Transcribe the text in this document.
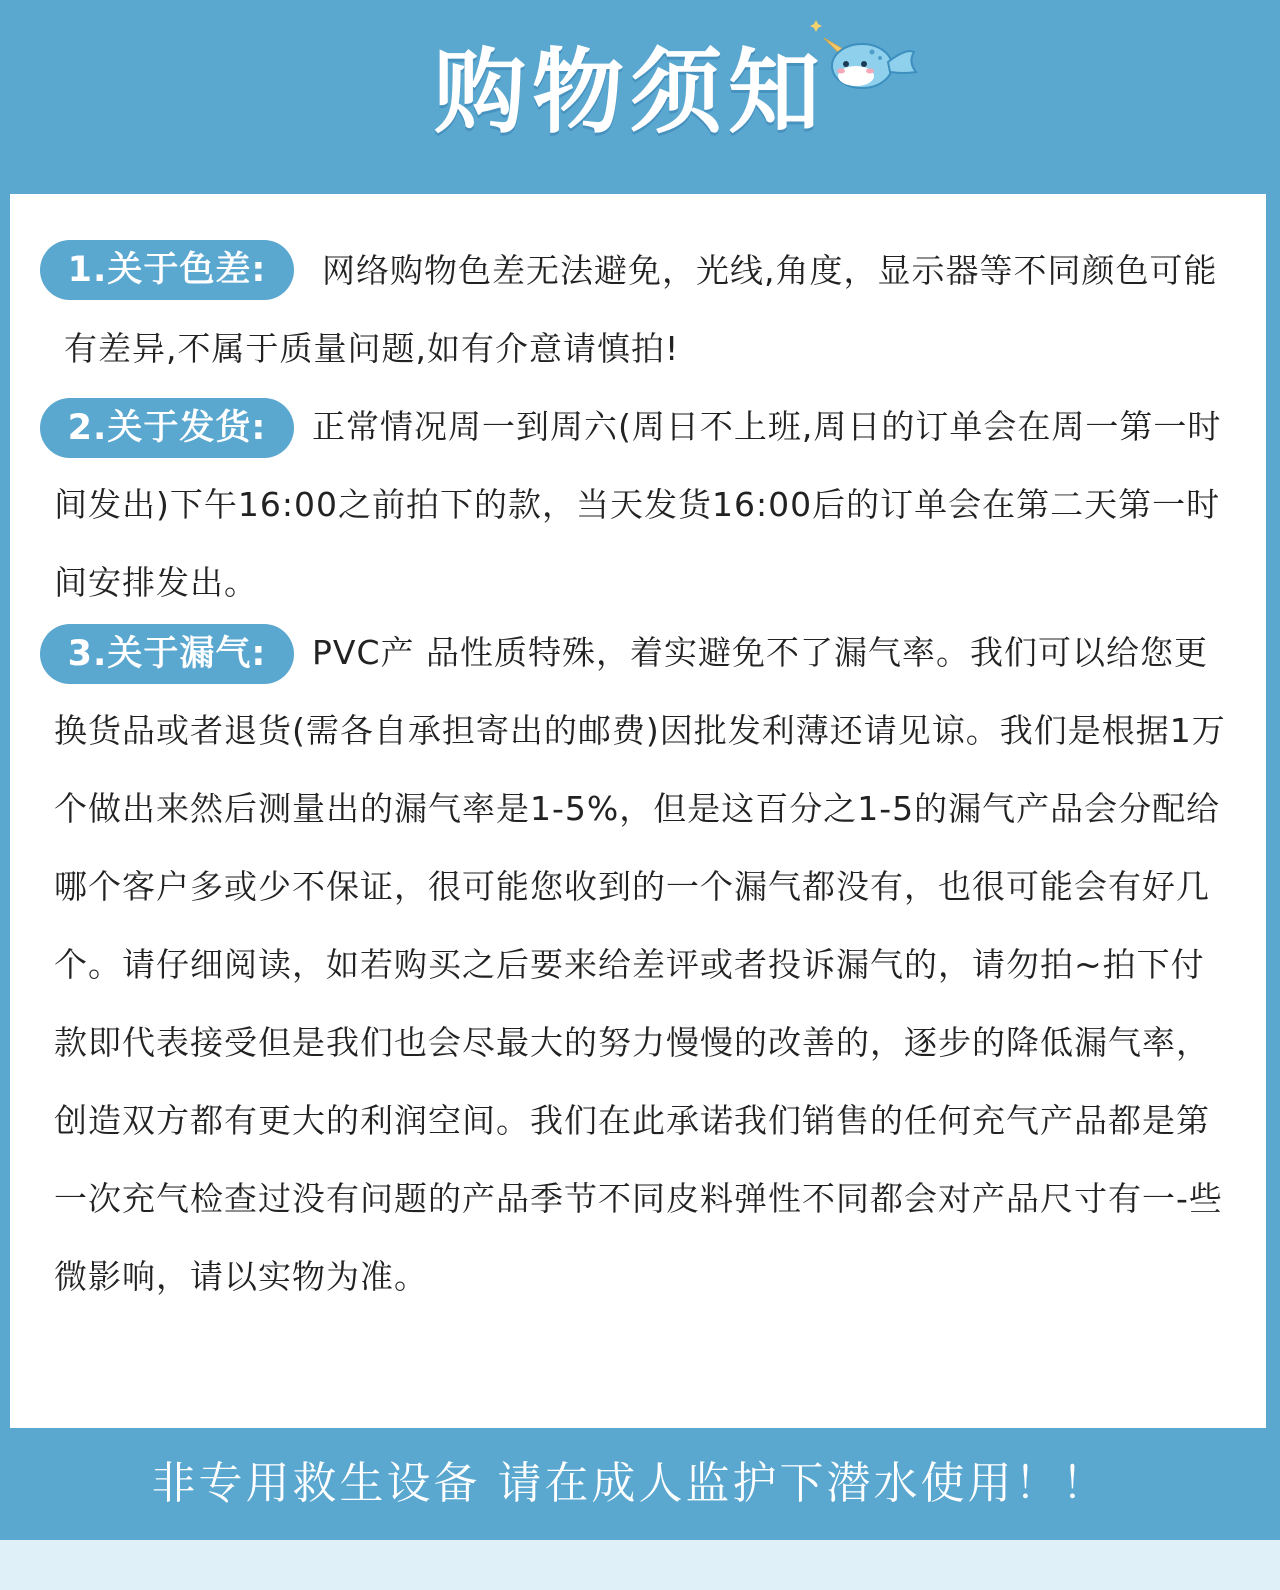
购物须知
1.关于色差:	网络购物色差无法避免，光线,角度，显示器等不同颜色可能有差异,不属于质量问题,如有介意请慎拍!
2.关于发货:	正常情况周一到周六(周日不上班,周日的订单会在周一第一时间发出)下午16:00之前拍下的款，当天发货16:00后的订单会在第二天第一时间安排发出。
3.关于漏气:	PVC产 品性质特殊，着实避免不了漏气率。我们可以给您更换货品或者退货(需各自承担寄出的邮费)因批发利薄还请见谅。我们是根据1万个做出来然后测量出的漏气率是1-5%，但是这百分之1-5的漏气产品会分配给哪个客户多或少不保证，很可能您收到的一个漏气都没有，也很可能会有好几个。请仔细阅读，如若购买之后要来给差评或者投诉漏气的，请勿拍~拍下付款即代表接受但是我们也会尽最大的努力慢慢的改善的，逐步的降低漏气率，创造双方都有更大的利润空间。我们在此承诺我们销售的任何充气产品都是第一次充气检查过没有问题的产品季节不同皮料弹性不同都会对产品尺寸有一-些微影响，请以实物为准。
非专用救生设备 请在成人监护下潜水使用！！
